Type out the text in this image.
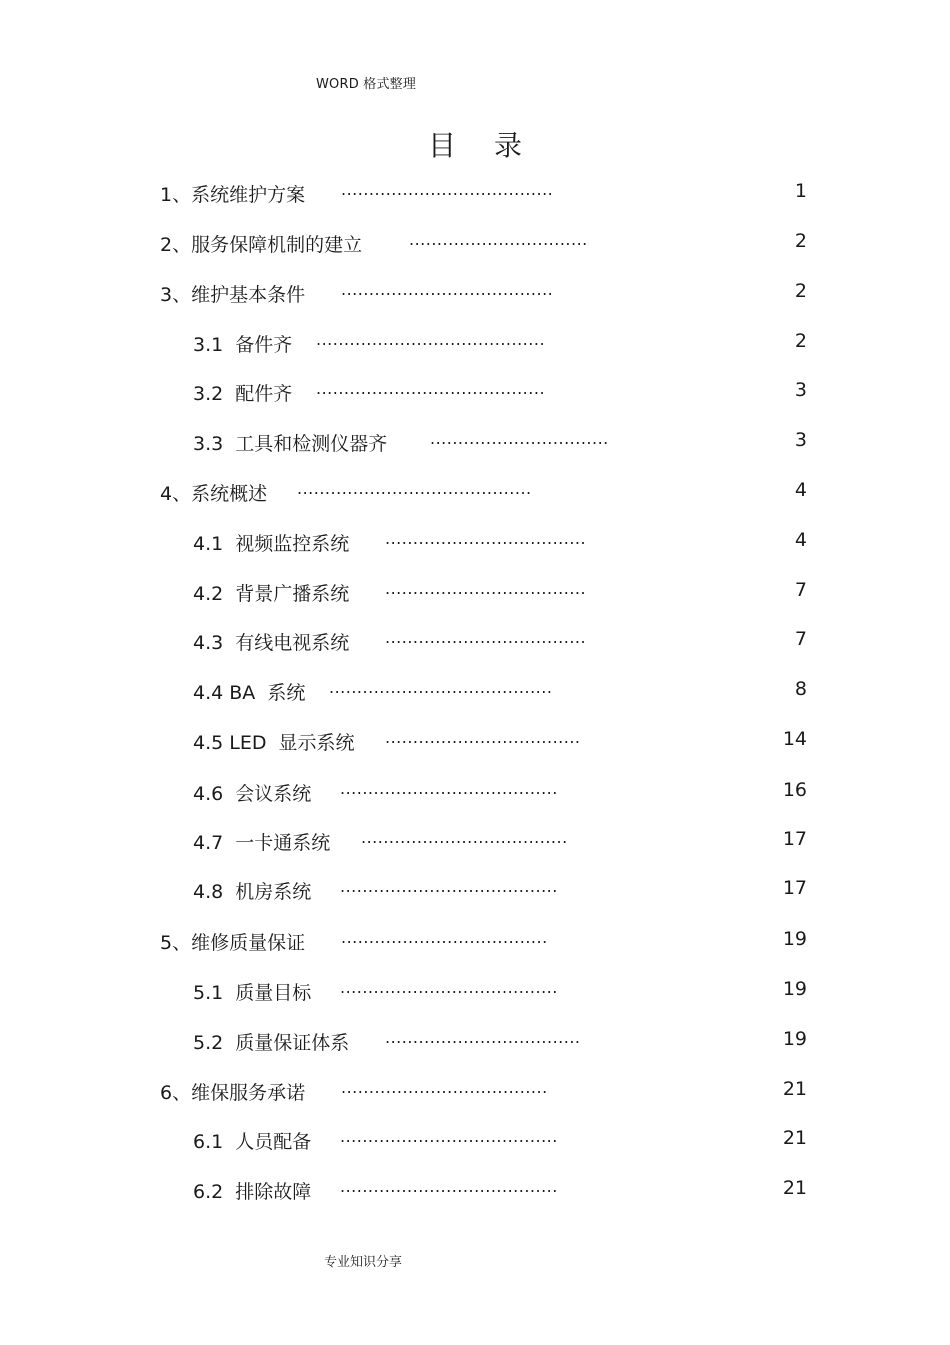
WORD 格式整理
目 录
1、系统维护方案 ......................................	1
2、服务保障机制的建立	................................	2
3、维护基本条件 ......................................	2
3.1  备件齐 .........................................	2
3.2  配件齐 .........................................	3
3.3  工具和检测仪器齐	................................	3
4、系统概述 ..........................................	4
4.1  视频监控系统 ....................................	4
4.2  背景广播系统 ....................................	7
4.3  有线电视系统 ....................................	7
4.4 BA  系统 ........................................	8
4.5 LED  显示系统 ...................................	14
4.6  会议系统 .......................................	16
4.7  一卡通系统 .....................................	17
4.8  机房系统 .......................................	17
5、维修质量保证 .....................................	19
5.1  质量目标 .......................................	19
5.2  质量保证体系 ...................................	19
6、维保服务承诺 .....................................	21
6.1  人员配备 .......................................	21
6.2  排除故障 .......................................	21
专业知识分享
